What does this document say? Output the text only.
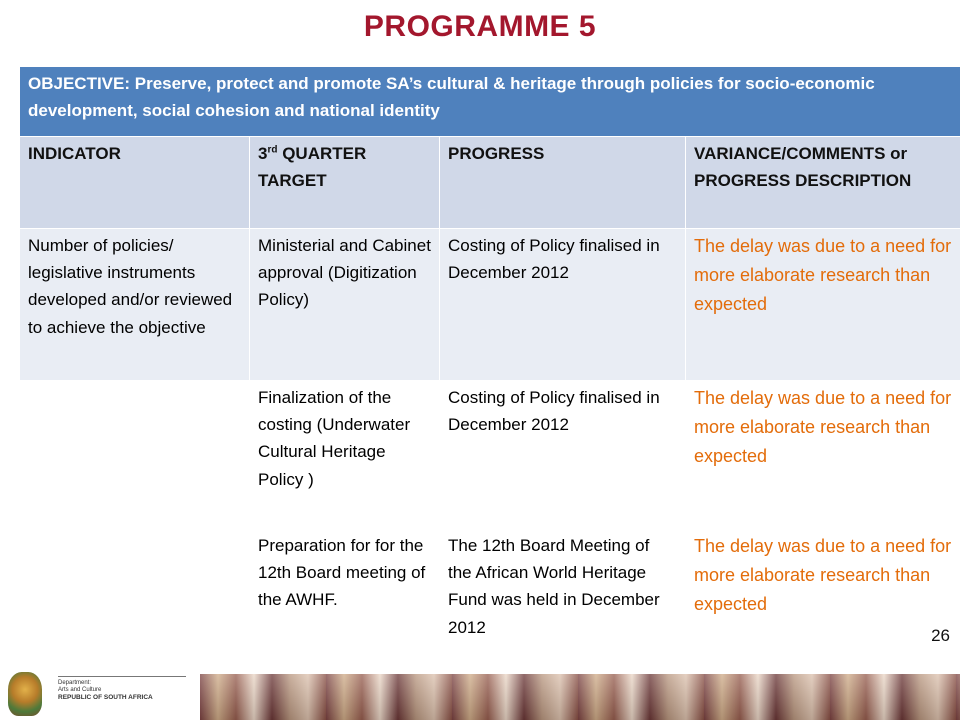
PROGRAMME 5
OBJECTIVE: Preserve, protect and promote SA’s cultural & heritage through policies for socio-economic development, social cohesion and national identity			
INDICATOR	3rd QUARTER TARGET	PROGRESS	VARIANCE/COMMENTS or PROGRESS DESCRIPTION
Number of policies/ legislative instruments developed and/or reviewed to achieve the objective	Ministerial and Cabinet approval (Digitization Policy)	Costing of Policy finalised in December 2012	The delay was due to a need for more elaborate research than expected
	Finalization of the costing (Underwater Cultural Heritage Policy )	Costing of Policy finalised in December 2012	The delay was due to a need for more elaborate research than expected
	Preparation for for the 12th Board meeting of the AWHF.	The 12th Board Meeting of the African World Heritage Fund was held in December 2012	The delay was due to a need for more elaborate research than expected
26
Department:
Arts and Culture
REPUBLIC OF SOUTH AFRICA
